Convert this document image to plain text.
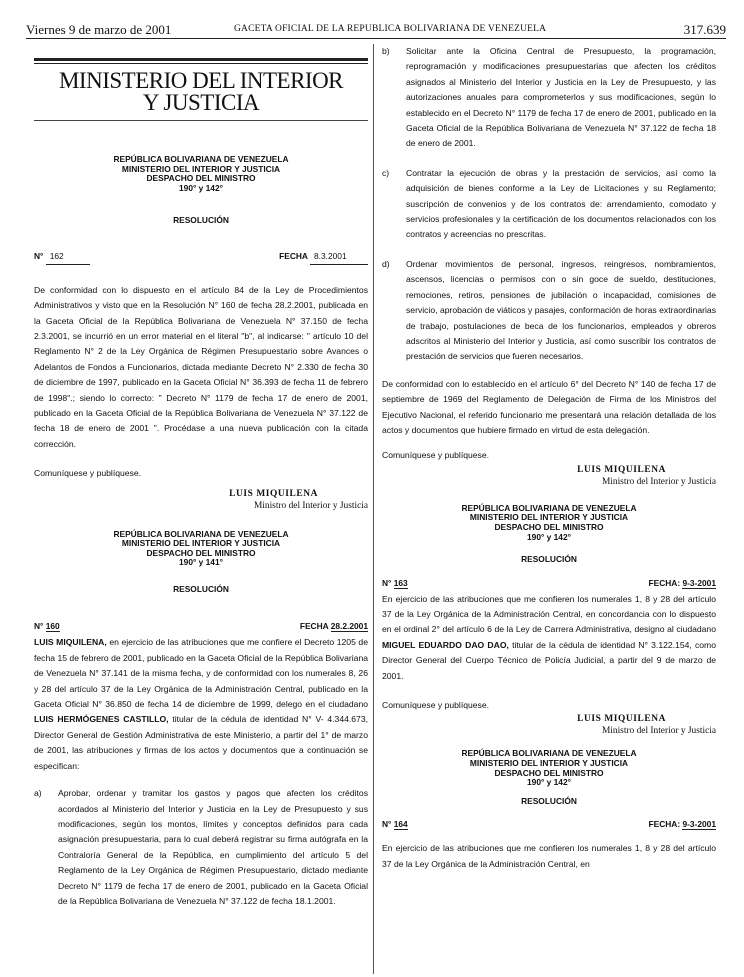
Viernes 9 de marzo de 2001	GACETA OFICIAL DE LA REPUBLICA BOLIVARIANA DE VENEZUELA	317.639
MINISTERIO DEL INTERIOR
Y JUSTICIA
REPÚBLICA BOLIVARIANA DE VENEZUELA
MINISTERIO DEL INTERIOR Y JUSTICIA
DESPACHO DEL MINISTRO
190° y 142°
RESOLUCIÓN
N° 162	FECHA 8.3.2001

De conformidad con lo dispuesto en el artículo 84 de la Ley de Procedimientos Administrativos y visto que en la Resolución N° 160 de fecha 28.2.2001, publicada en la Gaceta Oficial de la República Bolivariana de Venezuela N° 37.150 de fecha 2.3.2001, se incurrió en un error material en el literal "b", al indicarse: " artículo 10 del Reglamento N° 2 de la Ley Orgánica de Régimen Presupuestario sobre Avances o Adelantos de Fondos a Funcionarios, dictada mediante Decreto N° 2.330 de fecha 30 de diciembre de 1997, publicado en la Gaceta Oficial N° 36.393 de fecha 11 de febrero de 1998".; siendo lo correcto: " Decreto N° 1179 de fecha 17 de enero de 2001, publicado en la Gaceta Oficial de la República Bolivariana de Venezuela N° 37.122 de fecha 18 de enero de 2001 ". Procédase a una nueva publicación con la citada corrección.

Comuníquese y publíquese.

LUIS MIQUILENA
Ministro del Interior y Justicia
REPÚBLICA BOLIVARIANA DE VENEZUELA
MINISTERIO DEL INTERIOR Y JUSTICIA
DESPACHO DEL MINISTRO
190° y 141°
RESOLUCIÓN
N° 160	FECHA 28.2.2001

LUIS MIQUILENA, en ejercicio de las atribuciones que me confiere el Decreto 1205 de fecha 15 de febrero de 2001, publicado en la Gaceta Oficial de la República Bolivariana de Venezuela N° 37.141 de la misma fecha, y de conformidad con los numerales 8, 26 y 28 del artículo 37 de la Ley Orgánica de la Administración Central, publicado en la Gaceta Oficial N° 36.850 de fecha 14 de diciembre de 1999, delego en el ciudadano LUIS HERMÓGENES CASTILLO, titular de la cédula de identidad N° V- 4.344.673, Director General de Gestión Administrativa de este Ministerio, a partir del 1° de marzo de 2001, las atribuciones y firmas de los actos y documentos que a continuación se especifican:

a) Aprobar, ordenar y tramitar los gastos y pagos que afecten los créditos acordados al Ministerio del Interior y Justicia en la Ley de Presupuesto y sus modificaciones, según los montos, límites y conceptos definidos para cada asignación presupuestaria, para lo cual deberá registrar su firma autógrafa en la Contraloría General de la República, en cumplimiento del artículo 5 del Reglamento de la Ley Orgánica de Régimen Presupuestario, dictado mediante Decreto N° 1179 de fecha 17 de enero de 2001, publicado en la Gaceta Oficial de la República Bolivariana de Venezuela N° 37.122 de fecha 18.1.2001.

b) Solicitar ante la Oficina Central de Presupuesto, la programación, reprogramación y modificaciones presupuestarias que afecten los créditos asignados al Ministerio del Interior y Justicia en la Ley de Presupuesto, y las autorizaciones anuales para comprometerlos y sus modificaciones, según lo establecido en el Decreto N° 1179 de fecha 17 de enero de 2001, publicado en la Gaceta Oficial de la República Bolivariana de Venezuela N° 37.122 de fecha 18 de enero de 2001.

c) Contratar la ejecución de obras y la prestación de servicios, así como la adquisición de bienes conforme a la Ley de Licitaciones y su Reglamento; suscripción de convenios y de los contratos de: arrendamiento, comodato y servicios profesionales y la certificación de los documentos relacionados con los contratos y acreencias no prescritas.

d) Ordenar movimientos de personal, ingresos, reingresos, nombramientos, ascensos, licencias o permisos con o sin goce de sueldo, destituciones, remociones, retiros, pensiones de jubilación o incapacidad, comisiones de servicio, aprobación de viáticos y pasajes, conformación de horas extraordinarias de trabajo, postulaciones de beca de los funcionarios, empleados y obreros adscritos al Ministerio del Interior y Justicia, así como suscribir los contratos de prestación de servicios que fueren necesarios.

De conformidad con lo establecido en el artículo 6° del Decreto N° 140 de fecha 17 de septiembre de 1969 del Reglamento de Delegación de Firma de los Ministros del Ejecutivo Nacional, el referido funcionario me presentará una relación detallada de los actos y documentos que hubiere firmado en virtud de esta delegación.

Comuníquese y publíquese.

LUIS MIQUILENA
Ministro del Interior y Justicia
REPÚBLICA BOLIVARIANA DE VENEZUELA
MINISTERIO DEL INTERIOR Y JUSTICIA
DESPACHO DEL MINISTRO
190° y 142°
RESOLUCIÓN
N° 163	FECHA: 9-3-2001

En ejercicio de las atribuciones que me confieren los numerales 1, 8 y 28 del artículo 37 de la Ley Orgánica de la Administración Central, en concordancia con lo dispuesto en el ordinal 2° del artículo 6 de la Ley de Carrera Administrativa, designo al ciudadano MIGUEL EDUARDO DAO DAO, titular de la cédula de identidad N° 3.122.154, como Director General del Cuerpo Técnico de Policía Judicial, a partir del 9 de marzo de 2001.

Comuníquese y publíquese.

LUIS MIQUILENA
Ministro del Interior y Justicia
REPÚBLICA BOLIVARIANA DE VENEZUELA
MINISTERIO DEL INTERIOR Y JUSTICIA
DESPACHO DEL MINISTRO
190° y 142°
RESOLUCIÓN
N° 164	FECHA: 9-3-2001

En ejercicio de las atribuciones que me confieren los numerales 1, 8 y 28 del artículo 37 de la Ley Orgánica de la Administración Central, en
